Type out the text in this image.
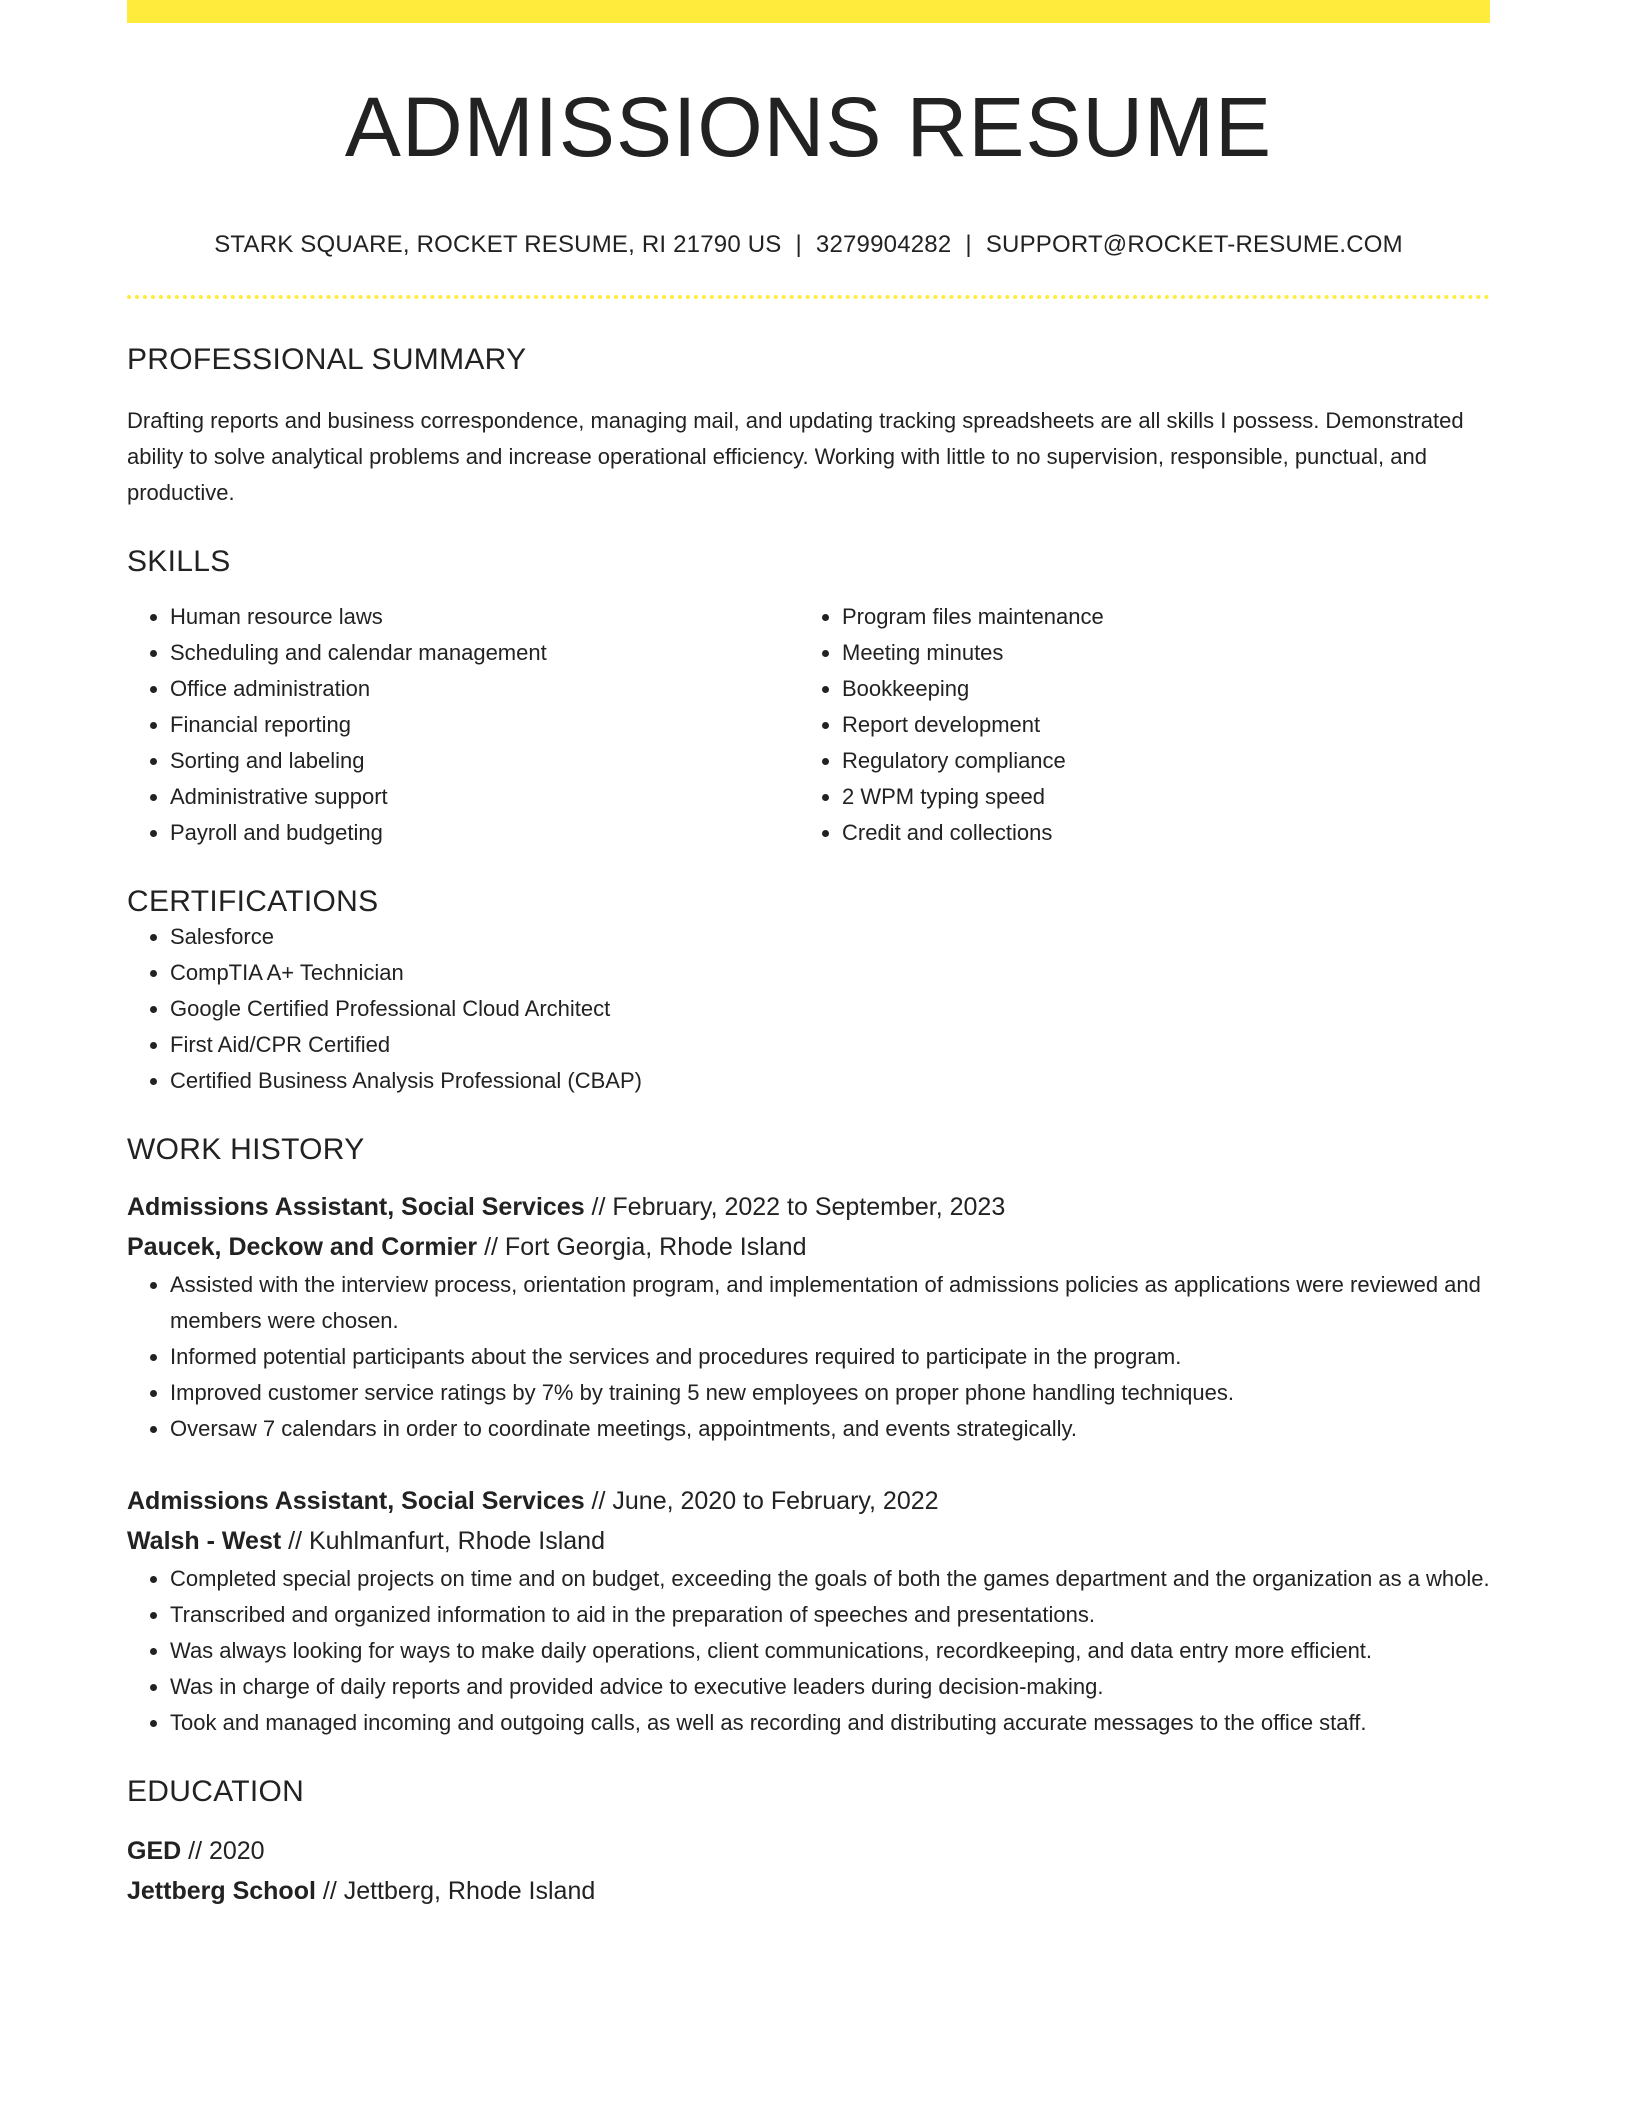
ADMISSIONS RESUME
STARK SQUARE, ROCKET RESUME, RI 21790 US | 3279904282 | SUPPORT@ROCKET-RESUME.COM
PROFESSIONAL SUMMARY
Drafting reports and business correspondence, managing mail, and updating tracking spreadsheets are all skills I possess. Demonstrated ability to solve analytical problems and increase operational efficiency. Working with little to no supervision, responsible, punctual, and productive.
SKILLS
• Human resource laws
• Scheduling and calendar management
• Office administration
• Financial reporting
• Sorting and labeling
• Administrative support
• Payroll and budgeting
• Program files maintenance
• Meeting minutes
• Bookkeeping
• Report development
• Regulatory compliance
• 2 WPM typing speed
• Credit and collections
CERTIFICATIONS
• Salesforce
• CompTIA A+ Technician
• Google Certified Professional Cloud Architect
• First Aid/CPR Certified
• Certified Business Analysis Professional (CBAP)
WORK HISTORY
Admissions Assistant, Social Services // February, 2022 to September, 2023
Paucek, Deckow and Cormier // Fort Georgia, Rhode Island
• Assisted with the interview process, orientation program, and implementation of admissions policies as applications were reviewed and members were chosen.
• Informed potential participants about the services and procedures required to participate in the program.
• Improved customer service ratings by 7% by training 5 new employees on proper phone handling techniques.
• Oversaw 7 calendars in order to coordinate meetings, appointments, and events strategically.
Admissions Assistant, Social Services // June, 2020 to February, 2022
Walsh - West // Kuhlmanfurt, Rhode Island
• Completed special projects on time and on budget, exceeding the goals of both the games department and the organization as a whole.
• Transcribed and organized information to aid in the preparation of speeches and presentations.
• Was always looking for ways to make daily operations, client communications, recordkeeping, and data entry more efficient.
• Was in charge of daily reports and provided advice to executive leaders during decision-making.
• Took and managed incoming and outgoing calls, as well as recording and distributing accurate messages to the office staff.
EDUCATION
GED // 2020
Jettberg School // Jettberg, Rhode Island
